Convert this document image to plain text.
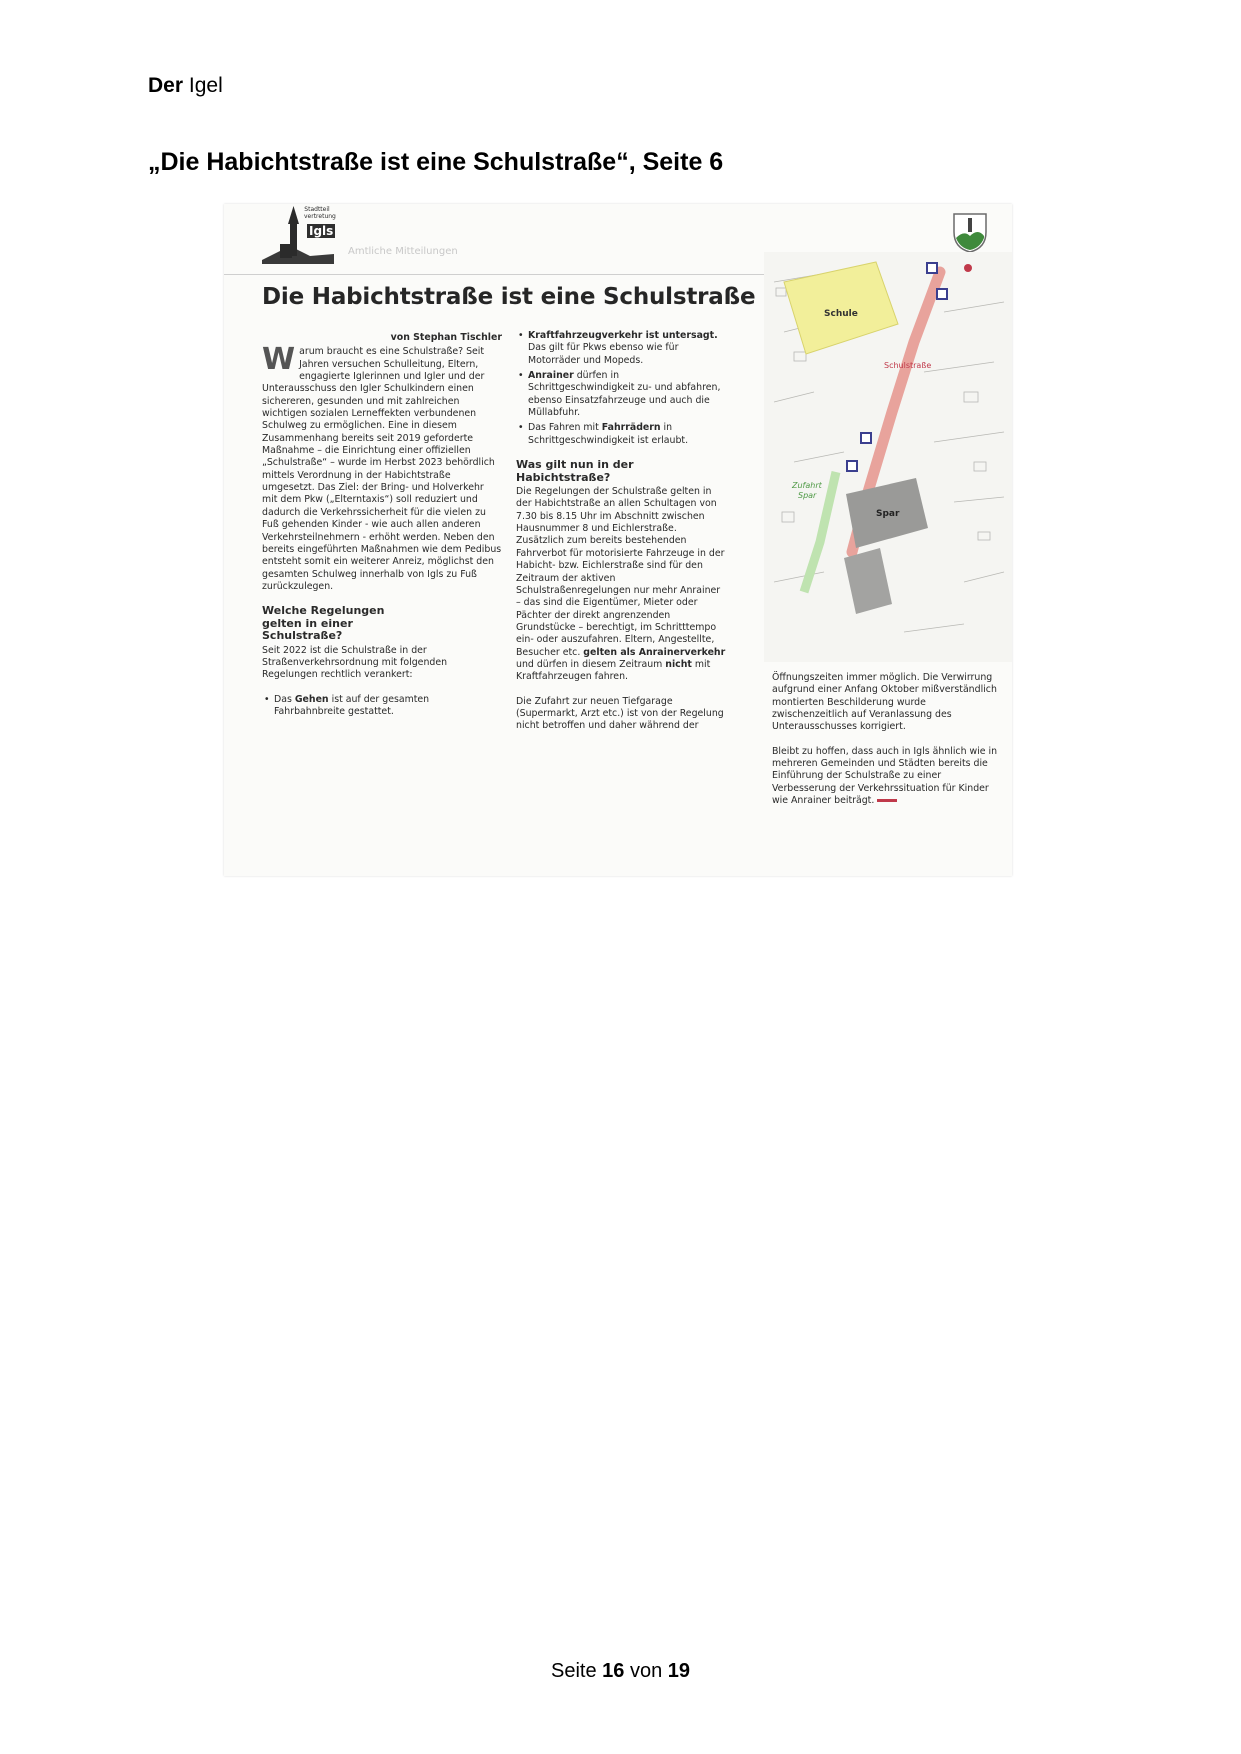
Der Igel
„Die Habichtstraße ist eine Schulstraße“, Seite 6
Stadtteil
vertretung
Igls
Amtliche Mitteilungen
Die Habichtstraße ist eine Schulstraße

von Stephan Tischler

Warum braucht es eine Schulstraße? Seit Jahren versuchen Schulleitung, Eltern, engagierte Iglerinnen und Igler und der Unterausschuss den Igler Schulkindern einen sichereren, gesunden und mit zahlreichen wichtigen sozialen Lerneffekten verbundenen Schulweg zu ermöglichen. Eine in diesem Zusammenhang bereits seit 2019 geforderte Maßnahme – die Einrichtung einer offiziellen „Schulstraße“ – wurde im Herbst 2023 behördlich mittels Verordnung in der Habichtstraße umgesetzt. Das Ziel: der Bring- und Holverkehr mit dem Pkw („Elterntaxis“) soll reduziert und dadurch die Verkehrssicherheit für die vielen zu Fuß gehenden Kinder - wie auch allen anderen Verkehrsteilnehmern - erhöht werden. Neben den bereits eingeführten Maßnahmen wie dem Pedibus entsteht somit ein weiterer Anreiz, möglichst den gesamten Schulweg innerhalb von Igls zu Fuß zurückzulegen.

Welche Regelungen gelten in einer Schulstraße?

Seit 2022 ist die Schulstraße in der Straßenverkehrsordnung mit folgenden Regelungen rechtlich verankert:

• Das Gehen ist auf der gesamten Fahrbahnbreite gestattet.
• Kraftfahrzeugverkehr ist untersagt. Das gilt für Pkws ebenso wie für Motorräder und Mopeds.
• Anrainer dürfen in Schrittgeschwindigkeit zu- und abfahren, ebenso Einsatzfahrzeuge und auch die Müllabfuhr.
• Das Fahren mit Fahrrädern in Schrittgeschwindigkeit ist erlaubt.

Was gilt nun in der Habichtstraße?

Die Regelungen der Schulstraße gelten in der Habichtstraße an allen Schultagen von 7.30 bis 8.15 Uhr im Abschnitt zwischen Hausnummer 8 und Eichlerstraße. Zusätzlich zum bereits bestehenden Fahrverbot für motorisierte Fahrzeuge in der Habicht- bzw. Eichlerstraße sind für den Zeitraum der aktiven Schulstraßenregelungen nur mehr Anrainer – das sind die Eigentümer, Mieter oder Pächter der direkt angrenzenden Grundstücke – berechtigt, im Schritttempo ein- oder auszufahren. Eltern, Angestellte, Besucher etc. gelten als Anrainerverkehr und dürfen in diesem Zeitraum nicht mit Kraftfahrzeugen fahren.

Die Zufahrt zur neuen Tiefgarage (Supermarkt, Arzt etc.) ist von der Regelung nicht betroffen und daher während der

Öffnungszeiten immer möglich. Die Verwirrung aufgrund einer Anfang Oktober mißverständlich montierten Beschilderung wurde zwischenzeitlich auf Veranlassung des Unterausschusses korrigiert.

Bleibt zu hoffen, dass auch in Igls ähnlich wie in mehreren Gemeinden und Städten bereits die Einführung der Schulstraße zu einer Verbesserung der Verkehrssituation für Kinder wie Anrainer beiträgt.

Schule
Schulstraße
Zufahrt
Spar
Spar
Seite 16 von 19
